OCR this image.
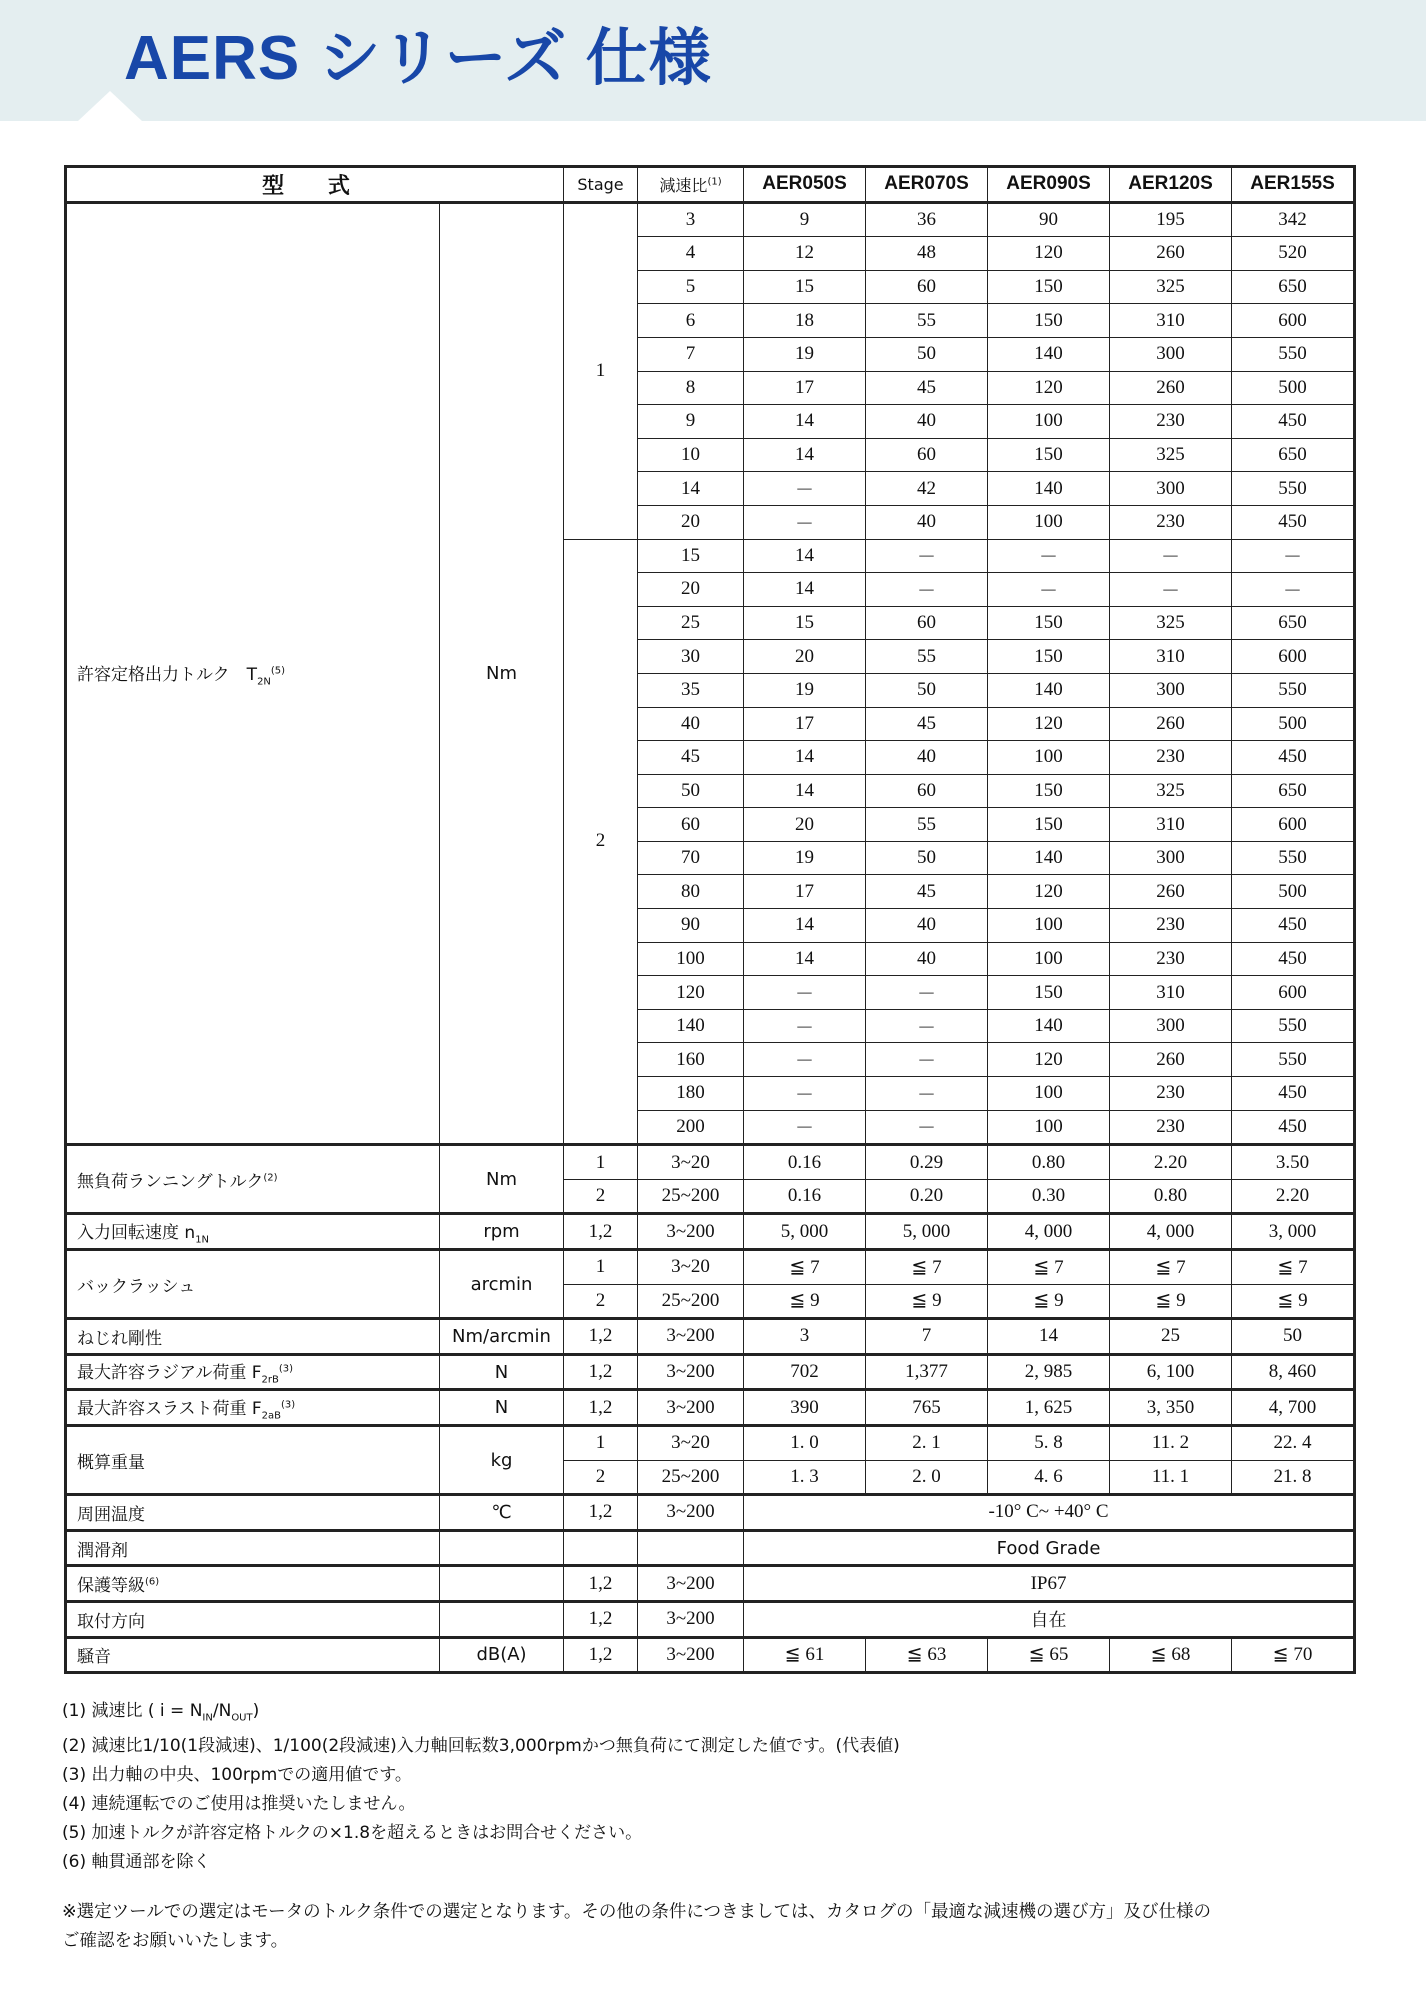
AERS シリーズ 仕様
型 式		Stage	減速比$^{(1)}$	AER050S	AER070S	AER090S	AER120S	AER155S
許容定格出力トルク　 $T_{2N}^{(5)}$	Nm	1	3	9	36	90	195	342
			4	12	48	120	260	520
			5	15	60	150	325	650
			6	18	55	150	310	600
			7	19	50	140	300	550
			8	17	45	120	260	500
			9	14	40	100	230	450
			10	14	60	150	325	650
			14	－	42	140	300	550
			20	－	40	100	230	450
		2	15	14	－	－	－	－
			20	14	－	－	－	－
			25	15	60	150	325	650
			30	20	55	150	310	600
			35	19	50	140	300	550
			40	17	45	120	260	500
			45	14	40	100	230	450
			50	14	60	150	325	650
			60	20	55	150	310	600
			70	19	50	140	300	550
			80	17	45	120	260	500
			90	14	40	100	230	450
			100	14	40	100	230	450
			120	－	－	150	310	600
			140	－	－	140	300	550
			160	－	－	120	260	550
			180	－	－	100	230	450
			200	－	－	100	230	450
無負荷ランニングトルク$^{(2)}$	Nm	1	3~20	0.16	0.29	0.80	2.20	3.50
		2	25~200	0.16	0.20	0.30	0.80	2.20
入力回転速度 $n_{1N}$	rpm	1,2	3~200	5, 000	5, 000	4, 000	4, 000	3, 000
バックラッシュ	arcmin	1	3~20	≦ 7	≦ 7	≦ 7	≦ 7	≦ 7
		2	25~200	≦ 9	≦ 9	≦ 9	≦ 9	≦ 9
ねじれ剛性	Nm/arcmin	1,2	3~200	3	7	14	25	50
最大許容ラジアル荷重 $F_{2rB}^{(3)}$	N	1,2	3~200	702	1,377	2, 985	6, 100	8, 460
最大許容スラスト荷重 $F_{2aB}^{(3)}$	N	1,2	3~200	390	765	1, 625	3, 350	4, 700
概算重量	kg	1	3~20	1. 0	2. 1	5. 8	11. 2	22. 4
		2	25~200	1. 3	2. 0	4. 6	11. 1	21. 8
周囲温度	℃	1,2	3~200	-10° C~ +40° C				
潤滑剤				Food Grade				
保護等級$^{(6)}$		1,2	3~200	IP67				
取付方向		1,2	3~200	自在				
騒音	dB(A)	1,2	3~200	≦ 61	≦ 63	≦ 65	≦ 68	≦ 70
(1) 減速比 ( $i = N_{IN}/N_{OUT}$)
(2) 減速比1/10(1段減速)、1/100(2段減速)入力軸回転数3,000rpmかつ無負荷にて測定した値です。(代表値)
(3) 出力軸の中央、100rpmでの適用値です。
(4) 連続運転でのご使用は推奨いたしません。
(5) 加速トルクが許容定格トルクの×1.8を超えるときはお問合せください。
(6) 軸貫通部を除く
※選定ツールでの選定はモータのトルク条件での選定となります。その他の条件につきましては、カタログの「最適な減速機の選び方」及び仕様の
ご確認をお願いいたします。
